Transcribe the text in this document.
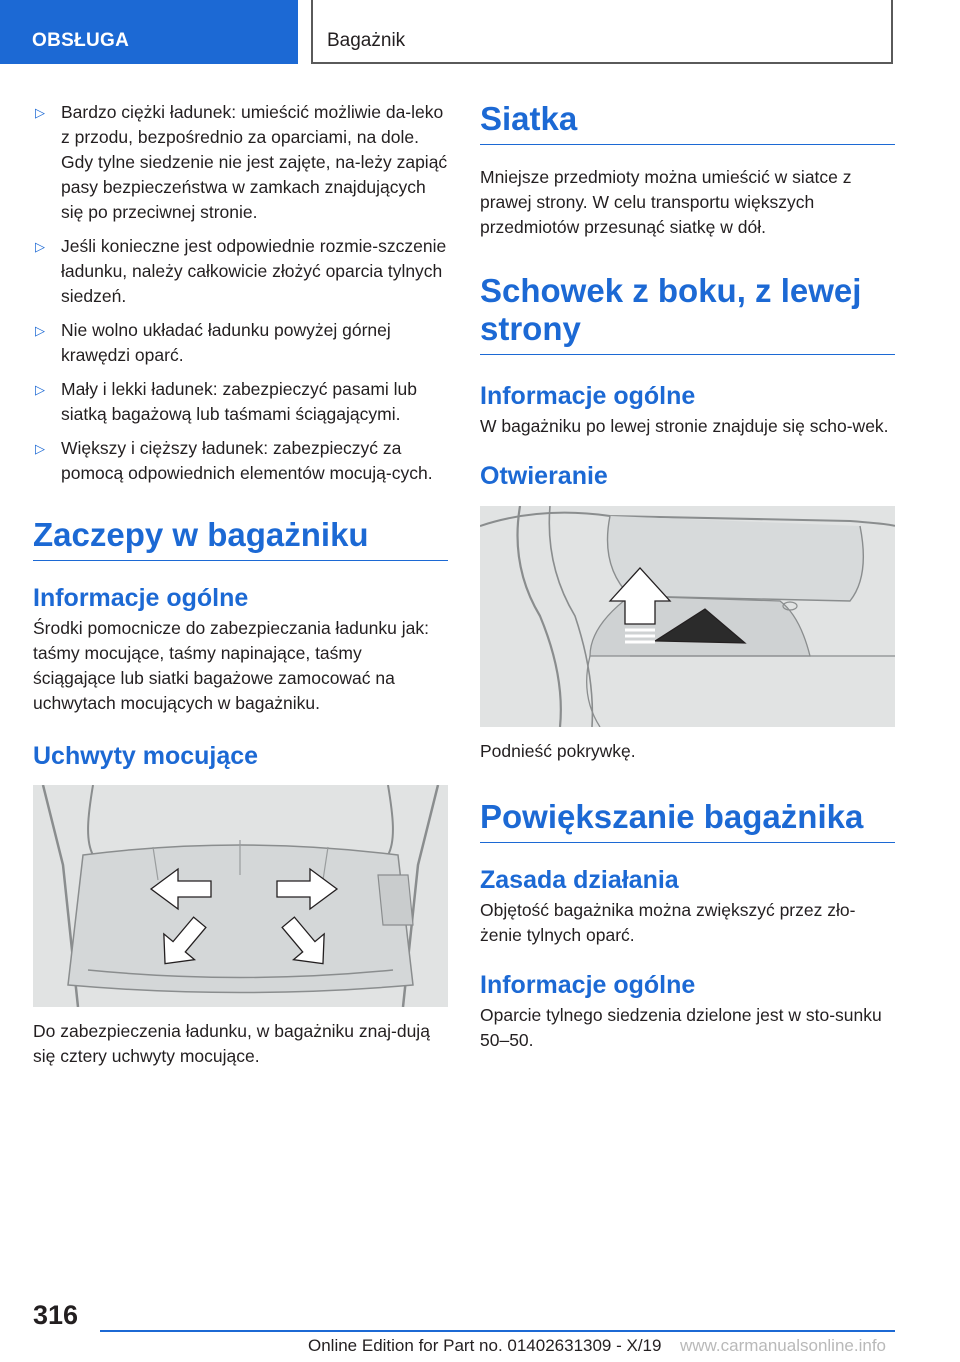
OBSŁUGA	Bagażnik
▷ Bardzo ciężki ładunek: umieścić możliwie da-leko z przodu, bezpośrednio za oparciami, na dole. Gdy tylne siedzenie nie jest zajęte, na-leży zapiąć pasy bezpieczeństwa w zamkach znajdujących się po przeciwnej stronie.
▷ Jeśli konieczne jest odpowiednie rozmie-szczenie ładunku, należy całkowicie złożyć oparcia tylnych siedzeń.
▷ Nie wolno układać ładunku powyżej górnej krawędzi oparć.
▷ Mały i lekki ładunek: zabezpieczyć pasami lub siatką bagażową lub taśmami ściągającymi.
▷ Większy i cięższy ładunek: zabezpieczyć za pomocą odpowiednich elementów mocują-cych.
Zaczepy w bagażniku
Informacje ogólne

Środki pomocnicze do zabezpieczania ładunku jak: taśmy mocujące, taśmy napinające, taśmy ściągające lub siatki bagażowe zamocować na uchwytach mocujących w bagażniku.

Uchwyty mocujące

Do zabezpieczenia ładunku, w bagażniku znaj-dują się cztery uchwyty mocujące.

Siatka

Mniejsze przedmioty można umieścić w siatce z prawej strony. W celu transportu większych przedmiotów przesunąć siatkę w dół.

Schowek z boku, z lewej strony
Informacje ogólne

W bagażniku po lewej stronie znajduje się scho-wek.

Otwieranie

Podnieść pokrywkę.

Powiększanie bagażnika
Zasada działania

Objętość bagażnika można zwiększyć przez zło-żenie tylnych oparć.

Informacje ogólne

Oparcie tylnego siedzenia dzielone jest w sto-sunku 50–50.

316
Online Edition for Part no. 01402631309 - X/19 www.carmanualsonline.info
